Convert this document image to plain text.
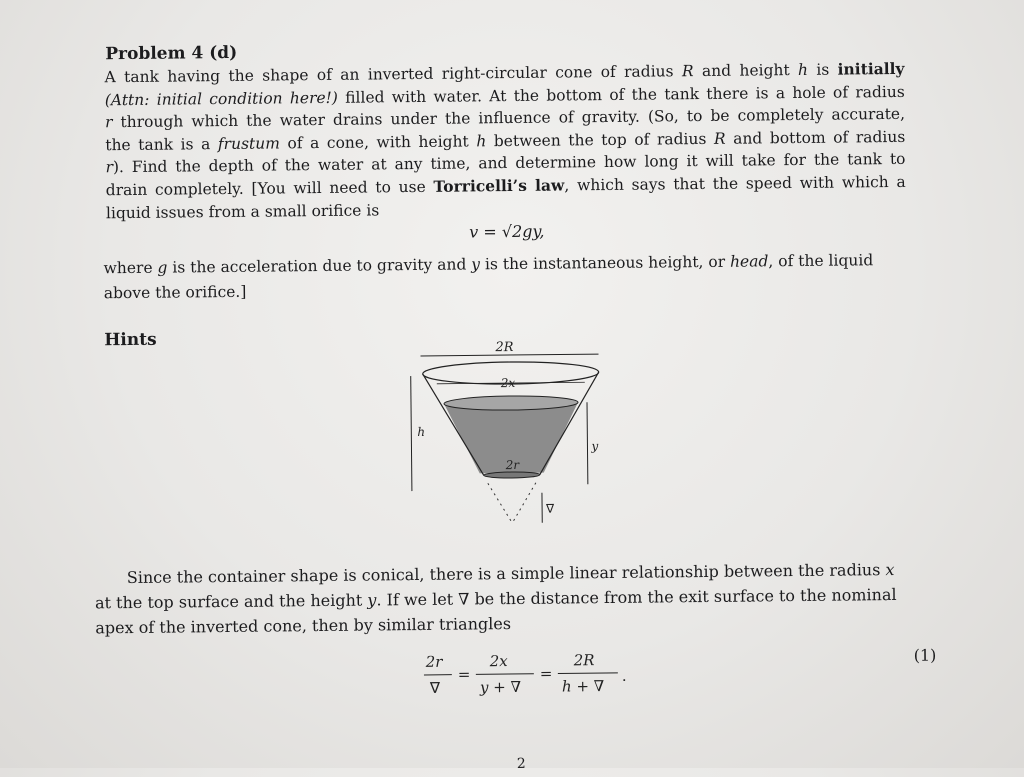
Problem 4 (d)
A tank having the shape of an inverted right-circular cone of radius R and height h is initially
(Attn: initial condition here!) filled with water. At the bottom of the tank there is a hole of radius
r through which the water drains under the influence of gravity. (So, to be completely accurate,
the tank is a frustum of a cone, with height h between the top of radius R and bottom of radius
r). Find the depth of the water at any time, and determine how long it will take for the tank to
drain completely. [You will need to use Torricelli’s law, which says that the speed with which a
liquid issues from a small orifice is
v = √2gy,
where g is the acceleration due to gravity and y is the instantaneous height, or head, of the liquid
above the orifice.]
Hints	2R
2x
2r
h
y
∇
Since the container shape is conical, there is a simple linear relationship between the radius x
at the top surface and the height y. If we let ∇ be the distance from the exit surface to the nominal
apex of the inverted cone, then by similar triangles
2r
∇
=
2x
y + ∇
=
2R
h + ∇
.
(1)
2
